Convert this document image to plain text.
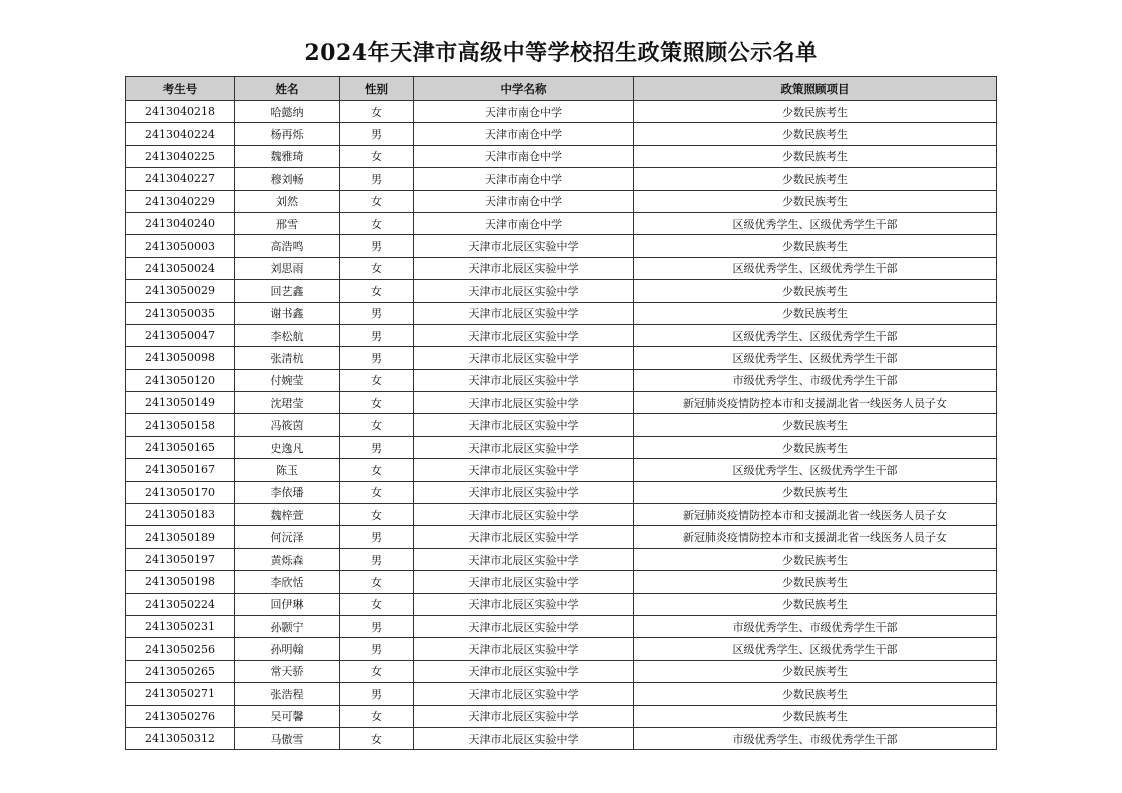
2024年天津市高级中等学校招生政策照顾公示名单
考生号	姓名	性别	中学名称	政策照顾项目
2413040218	哈懿纳	女	天津市南仓中学	少数民族考生
2413040224	杨再烁	男	天津市南仓中学	少数民族考生
2413040225	魏雅琦	女	天津市南仓中学	少数民族考生
2413040227	穆刘畅	男	天津市南仓中学	少数民族考生
2413040229	刘然	女	天津市南仓中学	少数民族考生
2413040240	邢雪	女	天津市南仓中学	区级优秀学生、区级优秀学生干部
2413050003	高浩鸣	男	天津市北辰区实验中学	少数民族考生
2413050024	刘思雨	女	天津市北辰区实验中学	区级优秀学生、区级优秀学生干部
2413050029	回艺鑫	女	天津市北辰区实验中学	少数民族考生
2413050035	谢书鑫	男	天津市北辰区实验中学	少数民族考生
2413050047	李松航	男	天津市北辰区实验中学	区级优秀学生、区级优秀学生干部
2413050098	张清杭	男	天津市北辰区实验中学	区级优秀学生、区级优秀学生干部
2413050120	付婉莹	女	天津市北辰区实验中学	市级优秀学生、市级优秀学生干部
2413050149	沈珺莹	女	天津市北辰区实验中学	新冠肺炎疫情防控本市和支援湖北省一线医务人员子女
2413050158	冯筱茵	女	天津市北辰区实验中学	少数民族考生
2413050165	史逸凡	男	天津市北辰区实验中学	少数民族考生
2413050167	陈玉	女	天津市北辰区实验中学	区级优秀学生、区级优秀学生干部
2413050170	李依璠	女	天津市北辰区实验中学	少数民族考生
2413050183	魏梓萱	女	天津市北辰区实验中学	新冠肺炎疫情防控本市和支援湖北省一线医务人员子女
2413050189	何沅泽	男	天津市北辰区实验中学	新冠肺炎疫情防控本市和支援湖北省一线医务人员子女
2413050197	黄烁森	男	天津市北辰区实验中学	少数民族考生
2413050198	李欣恬	女	天津市北辰区实验中学	少数民族考生
2413050224	回伊琳	女	天津市北辰区实验中学	少数民族考生
2413050231	孙颢宁	男	天津市北辰区实验中学	市级优秀学生、市级优秀学生干部
2413050256	孙明翰	男	天津市北辰区实验中学	区级优秀学生、区级优秀学生干部
2413050265	常天骄	女	天津市北辰区实验中学	少数民族考生
2413050271	张浩程	男	天津市北辰区实验中学	少数民族考生
2413050276	吴可馨	女	天津市北辰区实验中学	少数民族考生
2413050312	马傲雪	女	天津市北辰区实验中学	市级优秀学生、市级优秀学生干部
